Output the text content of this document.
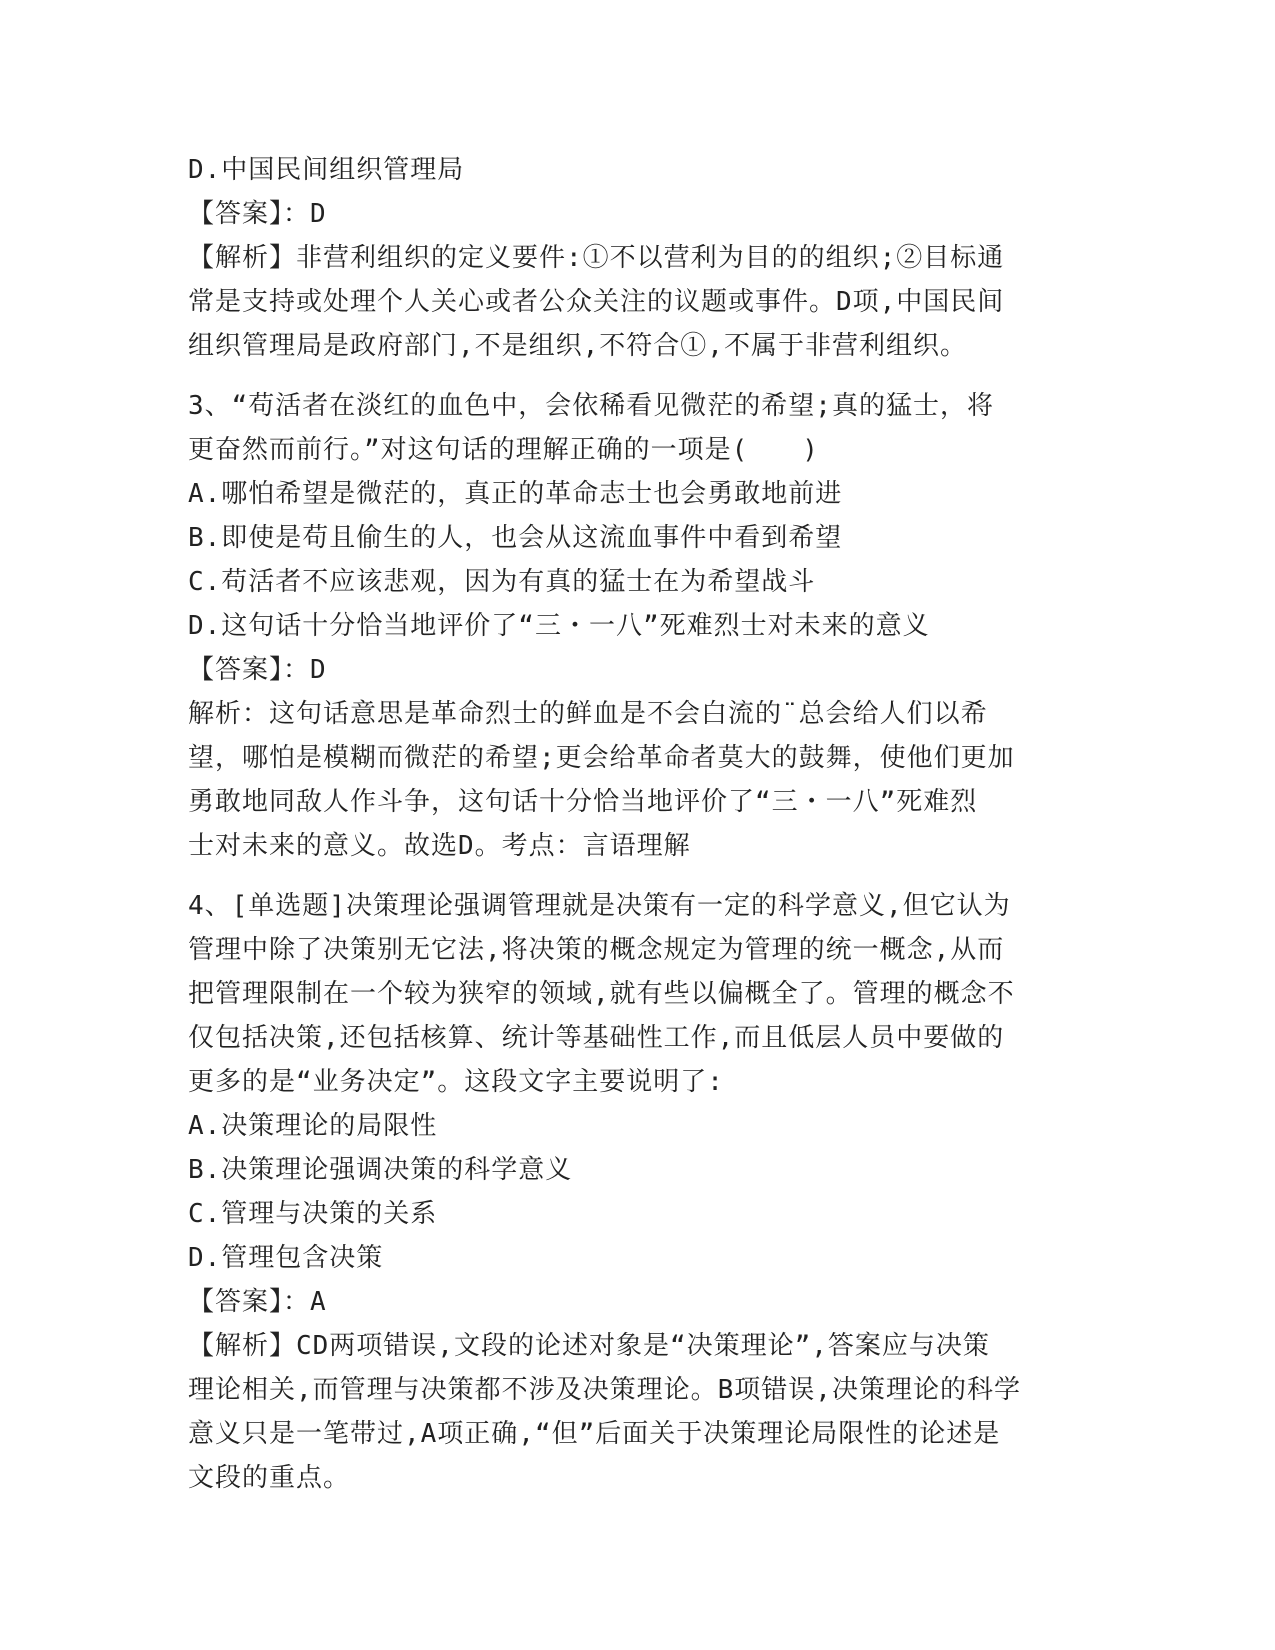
D.中国民间组织管理局
【答案】：D
【解析】非营利组织的定义要件:①不以营利为目的的组织;②目标通
常是支持或处理个人关心或者公众关注的议题或事件。D项,中国民间
组织管理局是政府部门,不是组织,不符合①,不属于非营利组织。
3、“苟活者在淡红的血色中，会依稀看见微茫的希望;真的猛士，将
更奋然而前行。”对这句话的理解正确的一项是(　　)
A.哪怕希望是微茫的，真正的革命志士也会勇敢地前进
B.即使是苟且偷生的人，也会从这流血事件中看到希望
C.苟活者不应该悲观，因为有真的猛士在为希望战斗
D.这句话十分恰当地评价了“三・一八”死难烈士对未来的意义
【答案】：D
解析：这句话意思是革命烈士的鲜血是不会白流的¨总会给人们以希
望，哪怕是模糊而微茫的希望;更会给革命者莫大的鼓舞，使他们更加
勇敢地同敌人作斗争，这句话十分恰当地评价了“三・一八”死难烈
士对未来的意义。故选D。考点：言语理解
4、[单选题]决策理论强调管理就是决策有一定的科学意义,但它认为
管理中除了决策别无它法,将决策的概念规定为管理的统一概念,从而
把管理限制在一个较为狭窄的领域,就有些以偏概全了。管理的概念不
仅包括决策,还包括核算、统计等基础性工作,而且低层人员中要做的
更多的是“业务决定”。这段文字主要说明了:
A.决策理论的局限性
B.决策理论强调决策的科学意义
C.管理与决策的关系
D.管理包含决策
【答案】：A
【解析】CD两项错误,文段的论述对象是“决策理论”,答案应与决策
理论相关,而管理与决策都不涉及决策理论。B项错误,决策理论的科学
意义只是一笔带过,A项正确,“但”后面关于决策理论局限性的论述是
文段的重点。
